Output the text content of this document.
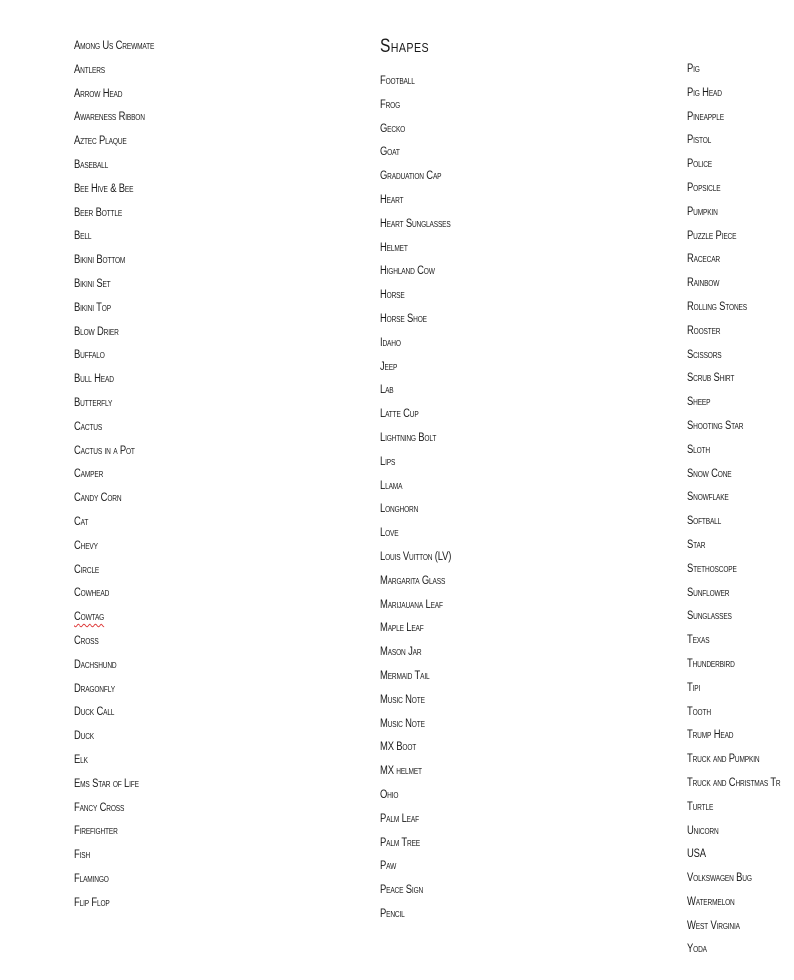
Shapes
Among Us Crewmate
Antlers
Arrow Head
Awareness Ribbon
Aztec Plaque
Baseball
Bee Hive & Bee
Beer Bottle
Bell
Bikini Bottom
Bikini Set
Bikini Top
Blow Drier
Buffalo
Bull Head
Butterfly
Cactus
Cactus in a Pot
Camper
Candy Corn
Cat
Chevy
Circle
Cowhead
Cowtag
Cross
Dachshund
Dragonfly
Duck Call
Duck
Elk
Ems Star of Life
Fancy Cross
Firefighter
Fish
Flamingo
Flip Flop
Football
Frog
Gecko
Goat
Graduation Cap
Heart
Heart Sunglasses
Helmet
Highland Cow
Horse
Horse Shoe
Idaho
Jeep
Lab
Latte Cup
Lightning Bolt
Lips
Llama
Longhorn
Love
Louis Vuitton (LV)
Margarita Glass
Marijauana Leaf
Maple Leaf
Mason Jar
Mermaid Tail
Music Note
Music Note
MX Boot
MX helmet
Ohio
Palm Leaf
Palm Tree
Paw
Peace Sign
Pencil
Pig
Pig Head
Pineapple
Pistol
Police
Popsicle
Pumpkin
Puzzle Piece
Racecar
Rainbow
Rolling Stones
Rooster
Scissors
Scrub Shirt
Sheep
Shooting Star
Sloth
Snow Cone
Snowflake
Softball
Star
Stethoscope
Sunflower
Sunglasses
Texas
Thunderbird
Tipi
Tooth
Trump Head
Truck and Pumpkin
Truck and Christmas Tr
Turtle
Unicorn
USA
Volkswagen Bug
Watermelon
West Virginia
Yoda
